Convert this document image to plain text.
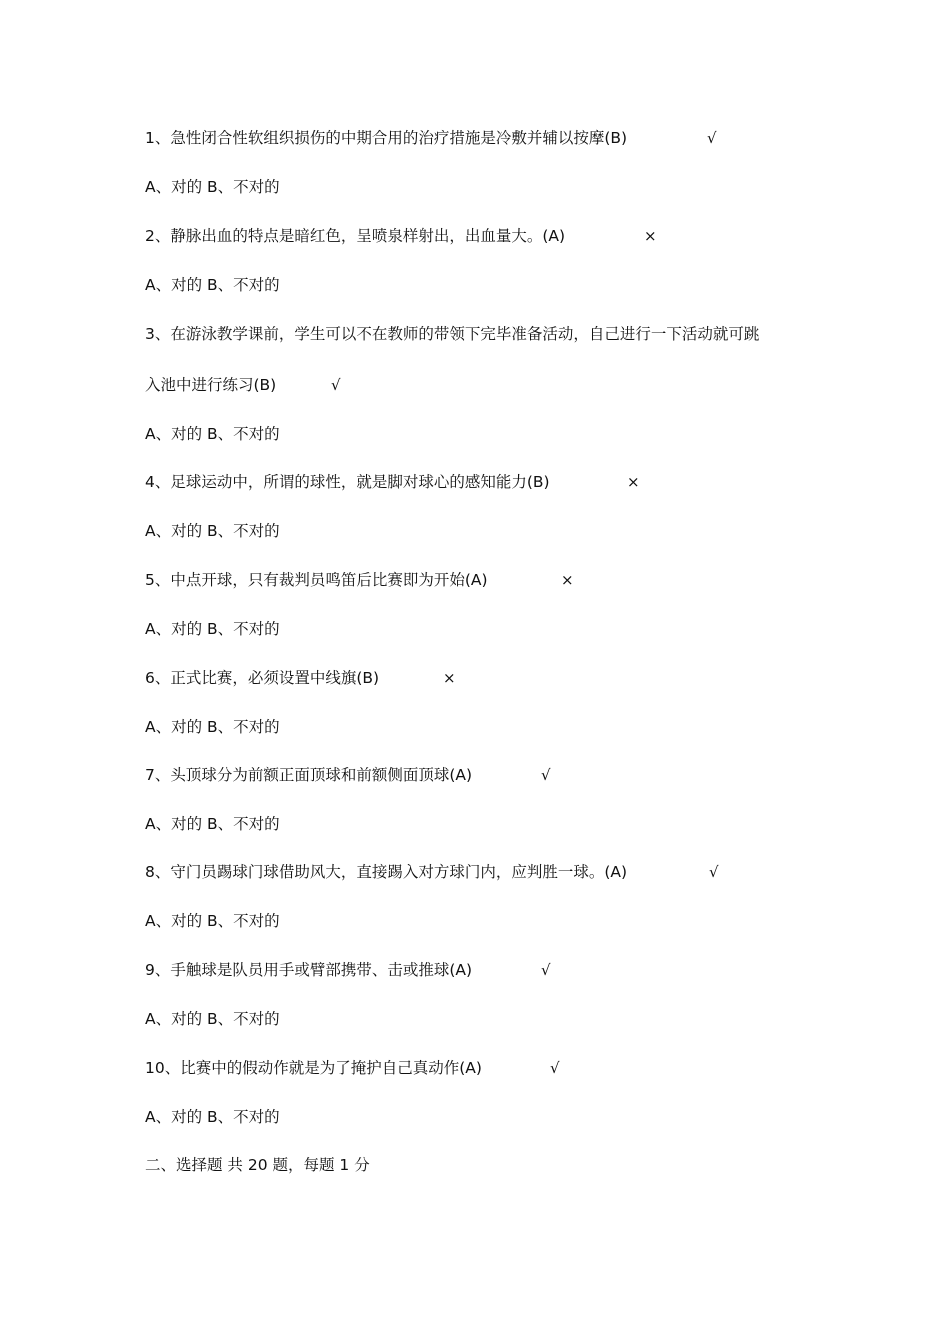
1、急性闭合性软组织损伤的中期合用的治疗措施是冷敷并辅以按摩(B)	√
A、对的 B、不对的
2、静脉出血的特点是暗红色，呈喷泉样射出，出血量大。(A)	×
A、对的 B、不对的
3、在游泳教学课前，学生可以不在教师的带领下完毕准备活动，自己进行一下活动就可跳
入池中进行练习(B)	√
A、对的 B、不对的
4、足球运动中，所谓的球性，就是脚对球心的感知能力(B)	×
A、对的 B、不对的
5、中点开球，只有裁判员鸣笛后比赛即为开始(A)	×
A、对的 B、不对的
6、正式比赛，必须设置中线旗(B)	×
A、对的 B、不对的
7、头顶球分为前额正面顶球和前额侧面顶球(A)	√
A、对的 B、不对的
8、守门员踢球门球借助风大，直接踢入对方球门内，应判胜一球。(A)	√
A、对的 B、不对的
9、手触球是队员用手或臂部携带、击或推球(A)	√
A、对的 B、不对的
10、比赛中的假动作就是为了掩护自己真动作(A)	√
A、对的 B、不对的
二、选择题 共 20 题，每题 1 分
